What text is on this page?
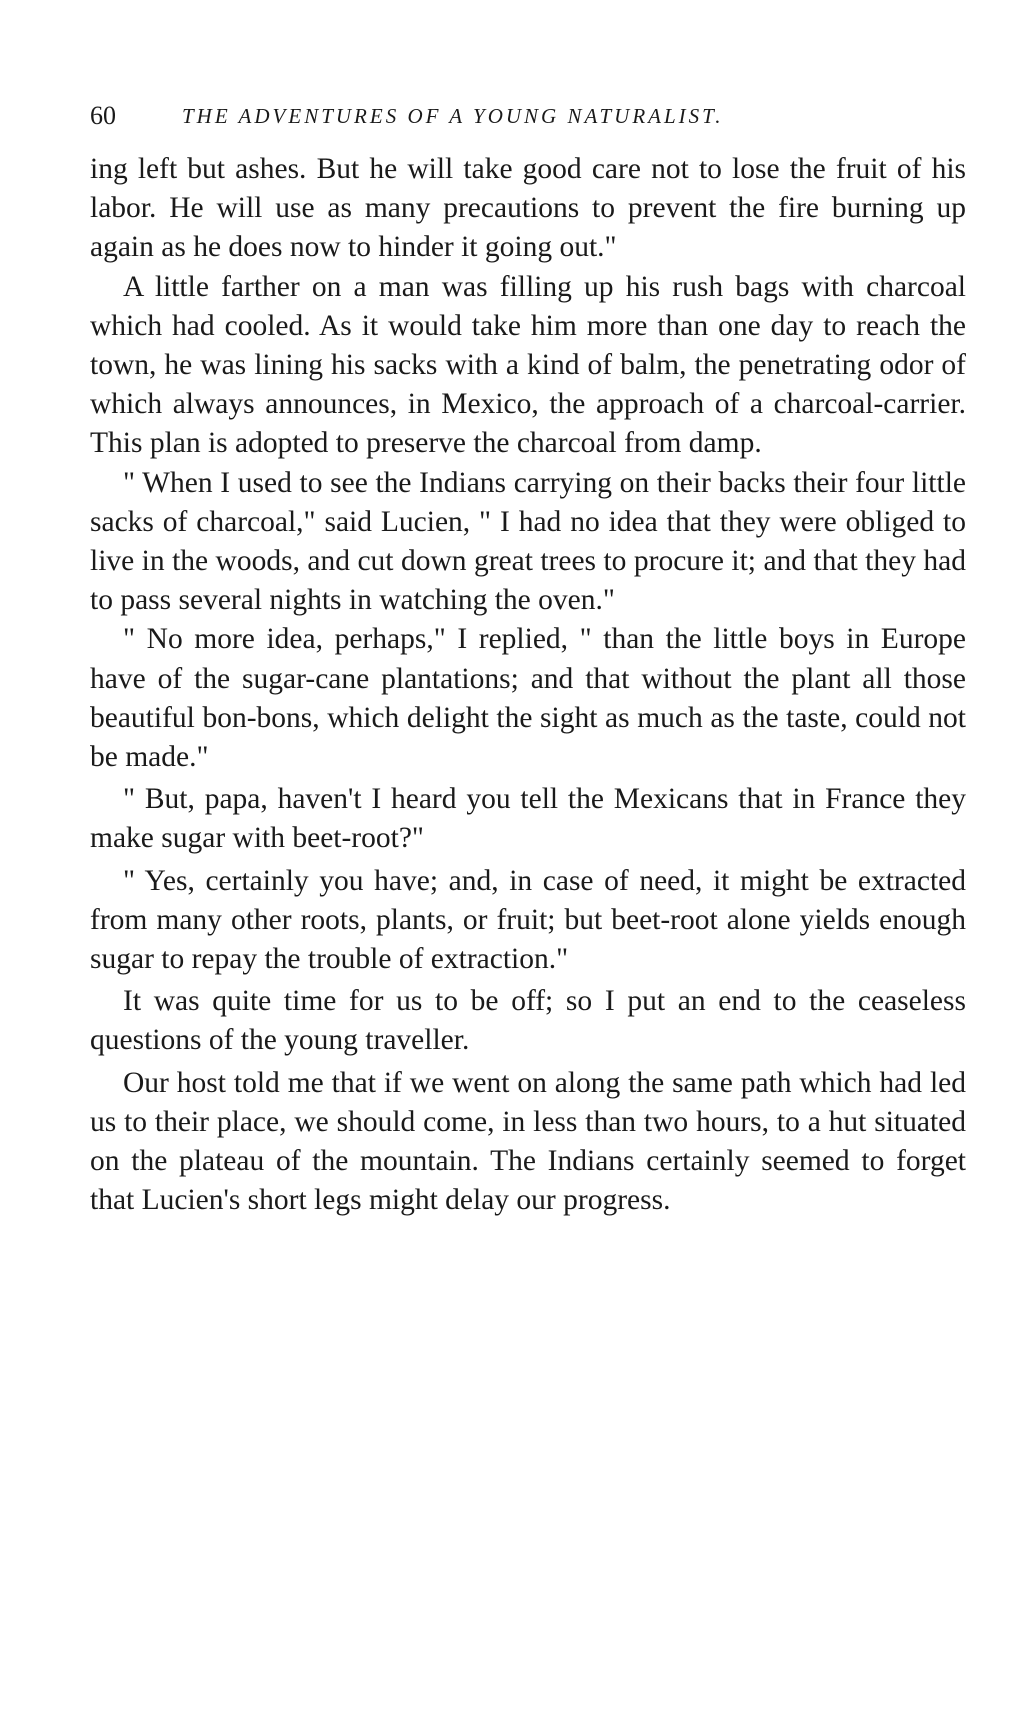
60	THE ADVENTURES OF A YOUNG NATURALIST.

ing left but ashes. But he will take good care not to lose the fruit of his labor. He will use as many precautions to prevent the fire burning up again as he does now to hinder it going out."

A little farther on a man was filling up his rush bags with charcoal which had cooled. As it would take him more than one day to reach the town, he was lining his sacks with a kind of balm, the penetrating odor of which always announces, in Mexico, the approach of a charcoal-carrier. This plan is adopted to preserve the charcoal from damp.

" When I used to see the Indians carrying on their backs their four little sacks of charcoal," said Lucien, " I had no idea that they were obliged to live in the woods, and cut down great trees to procure it; and that they had to pass several nights in watching the oven."

" No more idea, perhaps," I replied, " than the little boys in Europe have of the sugar-cane plantations; and that without the plant all those beautiful bon-bons, which delight the sight as much as the taste, could not be made."

" But, papa, haven't I heard you tell the Mexicans that in France they make sugar with beet-root?"

" Yes, certainly you have; and, in case of need, it might be extracted from many other roots, plants, or fruit; but beet-root alone yields enough sugar to repay the trouble of extraction."

It was quite time for us to be off; so I put an end to the ceaseless questions of the young traveller.

Our host told me that if we went on along the same path which had led us to their place, we should come, in less than two hours, to a hut situated on the plateau of the mountain. The Indians certainly seemed to forget that Lucien's short legs might delay our progress.
